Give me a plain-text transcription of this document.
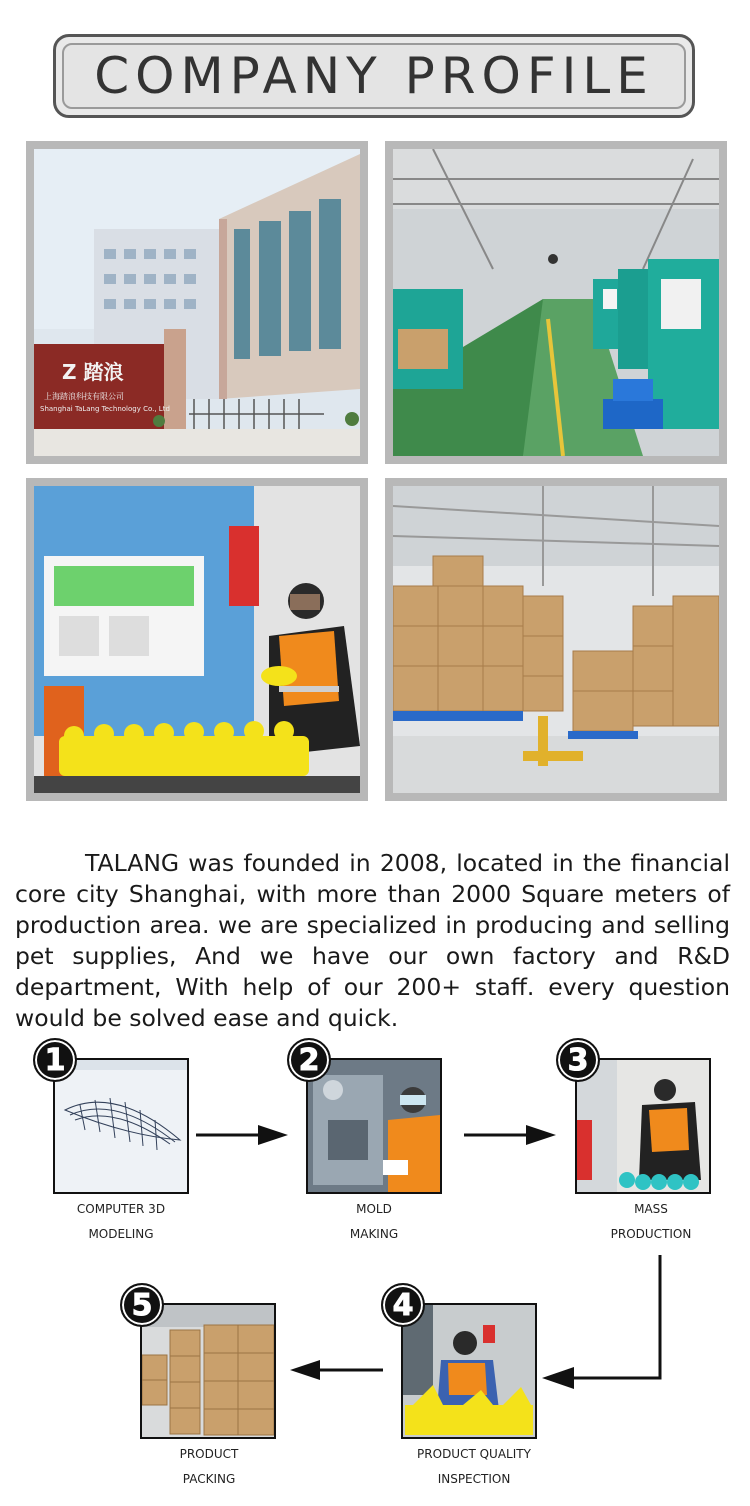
COMPANY PROFILE
Z 踏浪
上海踏浪科技有限公司
Shanghai TaLang Technology Co., Ltd

TALANG was founded in 2008, located in the financial core city Shanghai, with more than 2000 Square meters of production area. we are specialized in producing and selling pet supplies, And we have our own factory and R&D department, With help of our 200+ staff. every question would be solved ease and quick.

1
COMPUTER 3D
MODELING
2
MOLD
MAKING
3
MASS
PRODUCTION
4
PRODUCT QUALITY
INSPECTION
5
PRODUCT
PACKING
